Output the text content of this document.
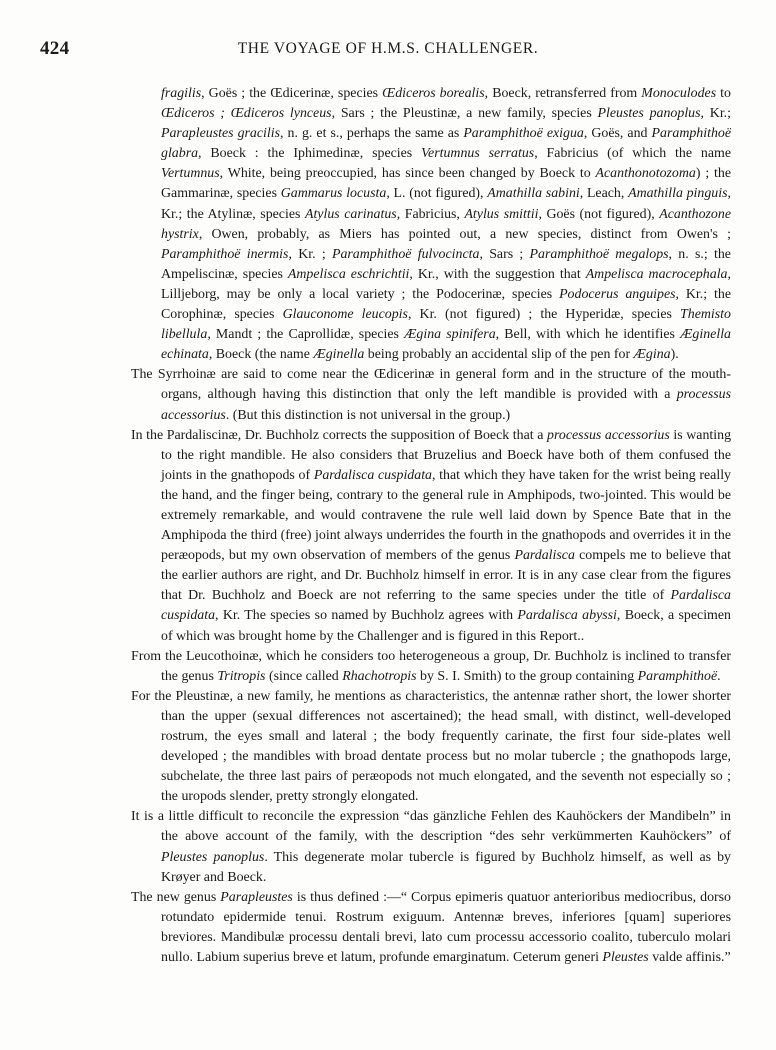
424	THE VOYAGE OF H.M.S. CHALLENGER.

fragilis, Goës ; the Œdicerinæ, species Œdiceros borealis, Boeck, retransferred from Monoculodes to Œdiceros ; Œdiceros lynceus, Sars ; the Pleustinæ, a new family, species Pleustes panoplus, Kr.; Parapleustes gracilis, n. g. et s., perhaps the same as Paramphithoë exigua, Goës, and Paramphithoë glabra, Boeck : the Iphimedinæ, species Vertumnus serratus, Fabricius (of which the name Vertumnus, White, being preoccupied, has since been changed by Boeck to Acanthonotozoma) ; the Gammarinæ, species Gammarus locusta, L. (not figured), Amathilla sabini, Leach, Amathilla pinguis, Kr.; the Atylinæ, species Atylus carinatus, Fabricius, Atylus smittii, Goës (not figured), Acanthozone hystrix, Owen, probably, as Miers has pointed out, a new species, distinct from Owen's ; Paramphithoë inermis, Kr. ; Paramphithoë fulvocincta, Sars ; Paramphithoë megalops, n. s.; the Ampeliscinæ, species Ampelisca eschrichtii, Kr., with the suggestion that Ampelisca macrocephala, Lilljeborg, may be only a local variety ; the Podocerinæ, species Podocerus anguipes, Kr.; the Corophinæ, species Glauconome leucopis, Kr. (not figured) ; the Hyperidæ, species Themisto libellula, Mandt ; the Caprollidæ, species Ægina spinifera, Bell, with which he identifies Æginella echinata, Boeck (the name Æginella being probably an accidental slip of the pen for Ægina).

The Syrrhoinæ are said to come near the Œdicerinæ in general form and in the structure of the mouth-organs, although having this distinction that only the left mandible is provided with a processus accessorius. (But this distinction is not universal in the group.)

In the Pardaliscinæ, Dr. Buchholz corrects the supposition of Boeck that a processus accessorius is wanting to the right mandible. He also considers that Bruzelius and Boeck have both of them confused the joints in the gnathopods of Pardalisca cuspidata, that which they have taken for the wrist being really the hand, and the finger being, contrary to the general rule in Amphipods, two-jointed. This would be extremely remarkable, and would contravene the rule well laid down by Spence Bate that in the Amphipoda the third (free) joint always underrides the fourth in the gnathopods and overrides it in the peræopods, but my own observation of members of the genus Pardalisca compels me to believe that the earlier authors are right, and Dr. Buchholz himself in error. It is in any case clear from the figures that Dr. Buchholz and Boeck are not referring to the same species under the title of Pardalisca cuspidata, Kr. The species so named by Buchholz agrees with Pardalisca abyssi, Boeck, a specimen of which was brought home by the Challenger and is figured in this Report..

From the Leucothoinæ, which he considers too heterogeneous a group, Dr. Buchholz is inclined to transfer the genus Tritropis (since called Rhachotropis by S. I. Smith) to the group containing Paramphithoë.

For the Pleustinæ, a new family, he mentions as characteristics, the antennæ rather short, the lower shorter than the upper (sexual differences not ascertained); the head small, with distinct, well-developed rostrum, the eyes small and lateral ; the body frequently carinate, the first four side-plates well developed ; the mandibles with broad dentate process but no molar tubercle ; the gnathopods large, subchelate, the three last pairs of peræopods not much elongated, and the seventh not especially so ; the uropods slender, pretty strongly elongated.

It is a little difficult to reconcile the expression “das gänzliche Fehlen des Kauhöckers der Mandibeln” in the above account of the family, with the description “des sehr verkümmerten Kauhöckers” of Pleustes panoplus. This degenerate molar tubercle is figured by Buchholz himself, as well as by Krøyer and Boeck.

The new genus Parapleustes is thus defined :—“ Corpus epimeris quatuor anterioribus mediocribus, dorso rotundato epidermide tenui. Rostrum exiguum. Antennæ breves, inferiores [quam] superiores breviores. Mandibulæ processu dentali brevi, lato cum processu accessorio coalito, tuberculo molari nullo. Labium superius breve et latum, profunde emarginatum. Ceterum generi Pleustes valde affinis.”
